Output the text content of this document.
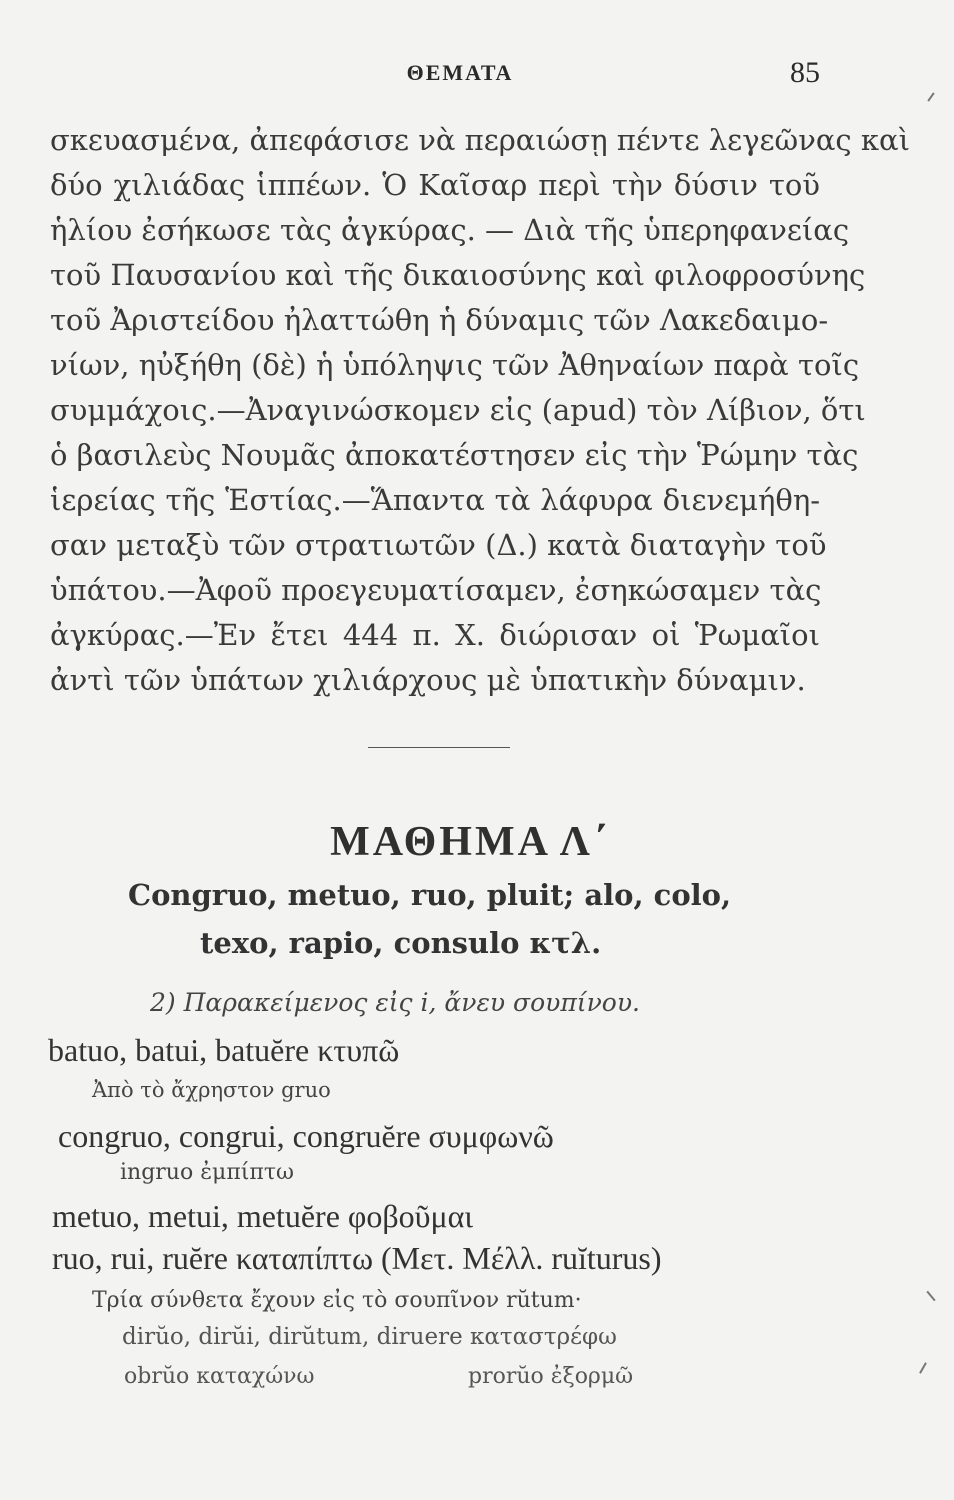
ΘΕΜΑΤΑ	85
σκευασμένα, ἀπεφάσισε νὰ περαιώσῃ πέντε λεγεῶνας καὶ
δύο χιλιάδας ἱππέων. Ὁ Καῖσαρ περὶ τὴν δύσιν τοῦ
ἡλίου ἐσήκωσε τὰς ἀγκύρας. — Διὰ τῆς ὑπερηφανείας
τοῦ Παυσανίου καὶ τῆς δικαιοσύνης καὶ φιλοφροσύνης
τοῦ Ἀριστείδου ἠλαττώθη ἡ δύναμις τῶν Λακεδαιμο-
νίων, ηὐξήθη (δὲ) ἡ ὑπόληψις τῶν Ἀθηναίων παρὰ τοῖς
συμμάχοις.—Ἀναγινώσκομεν εἰς (apud) τὸν Λίβιον, ὅτι
ὁ βασιλεὺς Νουμᾶς ἀποκατέστησεν εἰς τὴν Ῥώμην τὰς
ἱερείας τῆς Ἑστίας.—Ἅπαντα τὰ λάφυρα διενεμήθη-
σαν μεταξὺ τῶν στρατιωτῶν (Δ.) κατὰ διαταγὴν τοῦ
ὑπάτου.—Ἀφοῦ προεγευματίσαμεν, ἐσηκώσαμεν τὰς
ἀγκύρας.—Ἐν ἔτει 444 π. Χ. διώρισαν οἱ Ῥωμαῖοι
ἀντὶ τῶν ὑπάτων χιλιάρχους μὲ ὑπατικὴν δύναμιν.
ΜΑΘΗΜΑ Λ΄
Congruo, metuo, ruo, pluit; alo, colo,
texo, rapio, consulo κτλ.
2) Παρακείμενος εἰς i, ἄνευ σουπίνου.
batuo, batui, batuĕre κτυπῶ
Ἀπὸ τὸ ἄχρηστον gruo
congruo, congrui, congruĕre συμφωνῶ
ingruo ἐμπίπτω
metuo, metui, metuĕre φοβοῦμαι
ruo, rui, ruĕre καταπίπτω (Μετ. Μέλλ. ruĭturus)
Τρία σύνθετα ἔχουν εἰς τὸ σουπῖνον rŭtum·
dirŭo, dirŭi, dirŭtum, diruere καταστρέφω
obrŭo καταχώνω	prorŭo ἐξορμῶ
